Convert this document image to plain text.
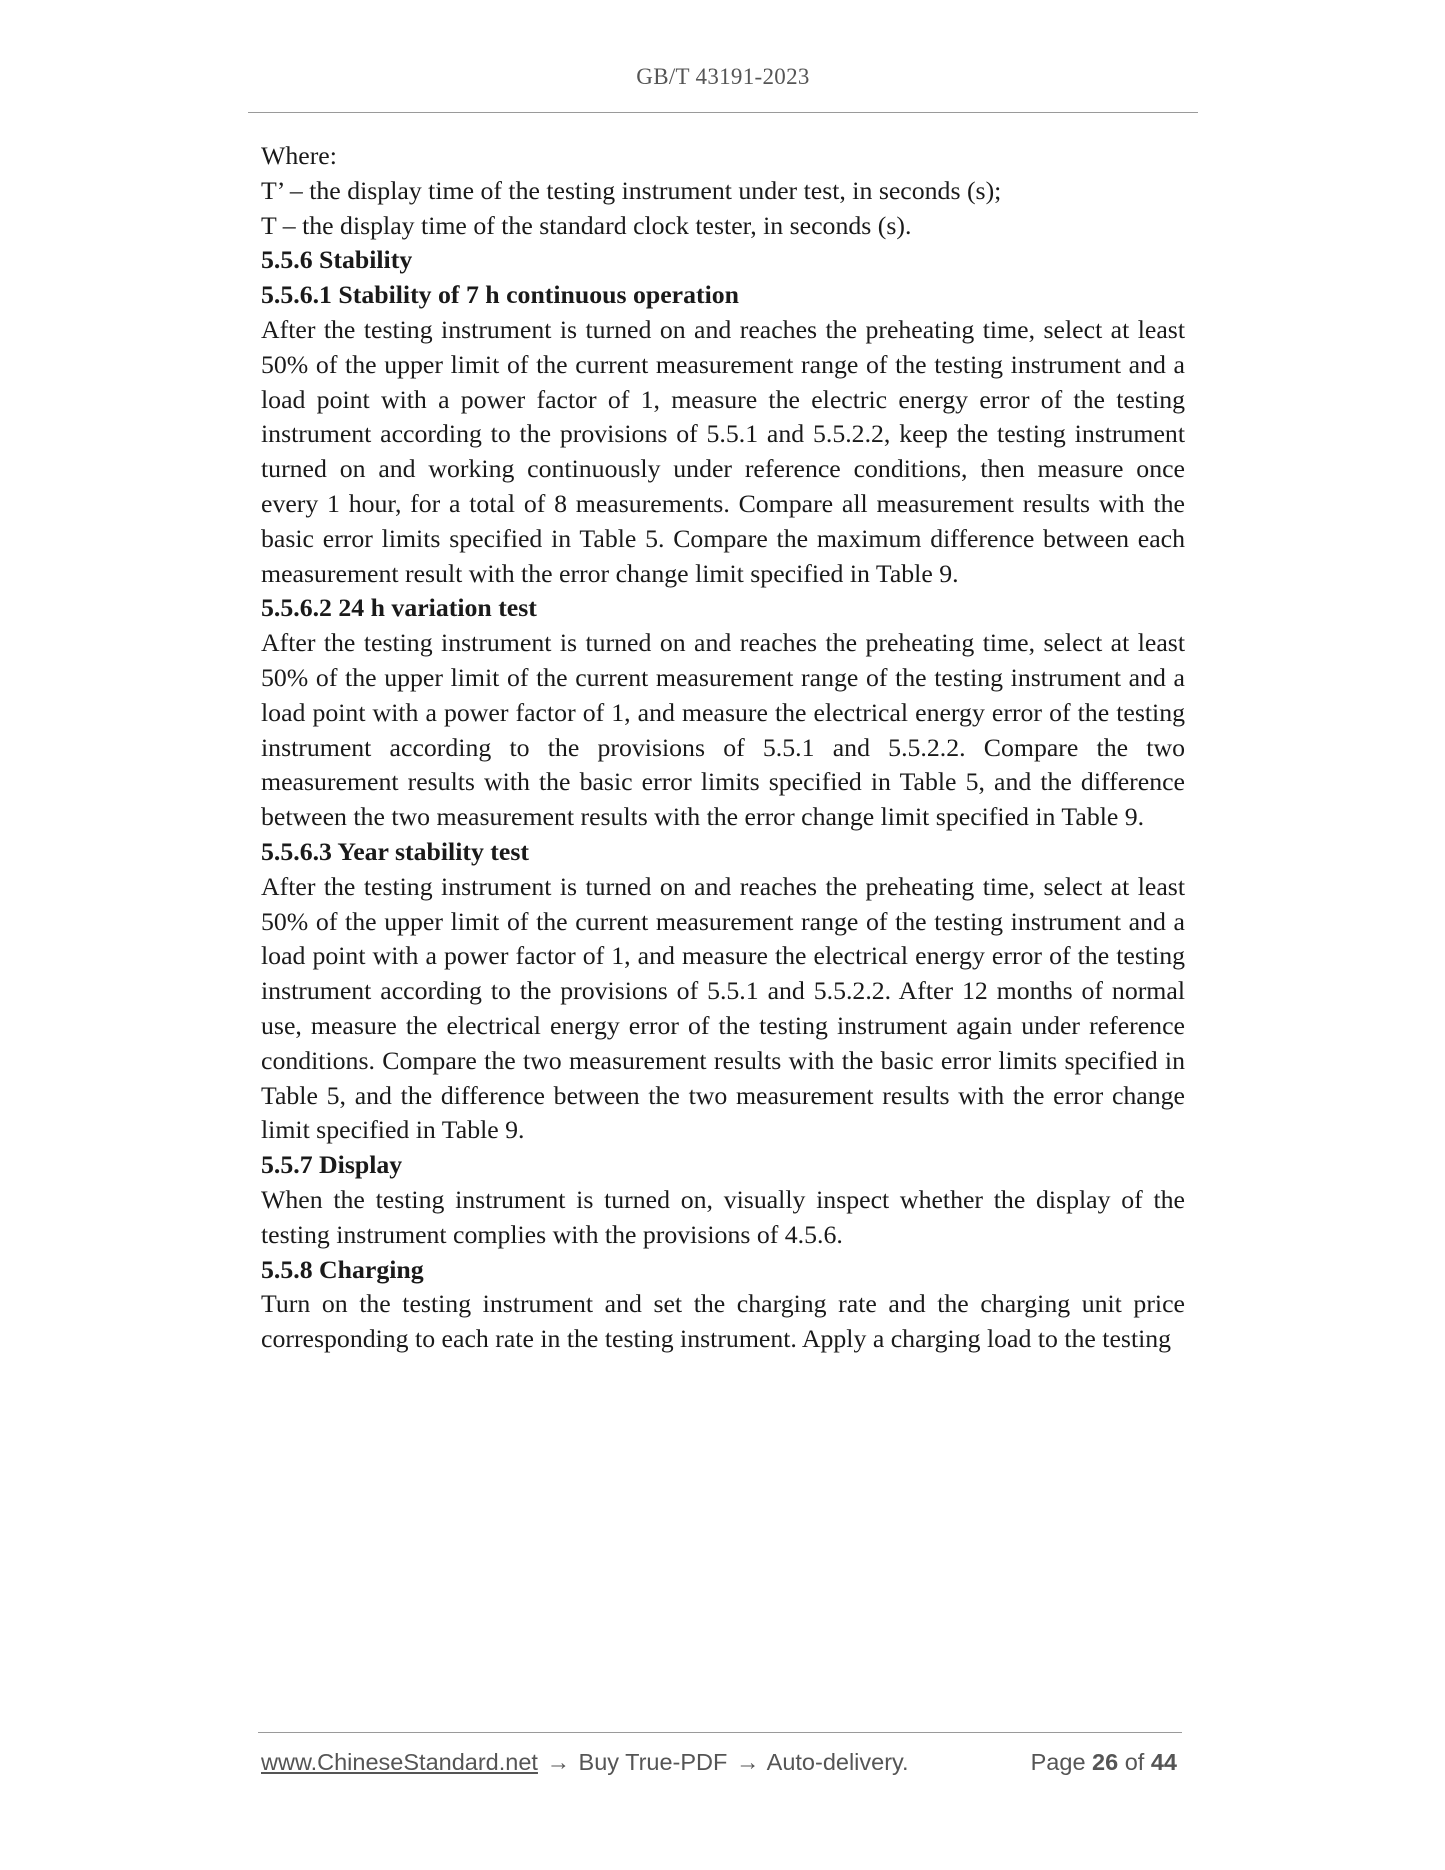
GB/T 43191-2023

Where:

T’ – the display time of the testing instrument under test, in seconds (s);

T – the display time of the standard clock tester, in seconds (s).

5.5.6 Stability

5.5.6.1 Stability of 7 h continuous operation

After the testing instrument is turned on and reaches the preheating time, select at least 50% of the upper limit of the current measurement range of the testing instrument and a load point with a power factor of 1, measure the electric energy error of the testing instrument according to the provisions of 5.5.1 and 5.5.2.2, keep the testing instrument turned on and working continuously under reference conditions, then measure once every 1 hour, for a total of 8 measurements. Compare all measurement results with the basic error limits specified in Table 5. Compare the maximum difference between each measurement result with the error change limit specified in Table 9.

5.5.6.2 24 h variation test

After the testing instrument is turned on and reaches the preheating time, select at least 50% of the upper limit of the current measurement range of the testing instrument and a load point with a power factor of 1, and measure the electrical energy error of the testing instrument according to the provisions of 5.5.1 and 5.5.2.2. Compare the two measurement results with the basic error limits specified in Table 5, and the difference between the two measurement results with the error change limit specified in Table 9.

5.5.6.3 Year stability test

After the testing instrument is turned on and reaches the preheating time, select at least 50% of the upper limit of the current measurement range of the testing instrument and a load point with a power factor of 1, and measure the electrical energy error of the testing instrument according to the provisions of 5.5.1 and 5.5.2.2. After 12 months of normal use, measure the electrical energy error of the testing instrument again under reference conditions. Compare the two measurement results with the basic error limits specified in Table 5, and the difference between the two measurement results with the error change limit specified in Table 9.

5.5.7 Display

When the testing instrument is turned on, visually inspect whether the display of the testing instrument complies with the provisions of 4.5.6.

5.5.8 Charging

Turn on the testing instrument and set the charging rate and the charging unit price corresponding to each rate in the testing instrument. Apply a charging load to the testing

www.ChineseStandard.net → Buy True-PDF → Auto-delivery.	Page 26 of 44
